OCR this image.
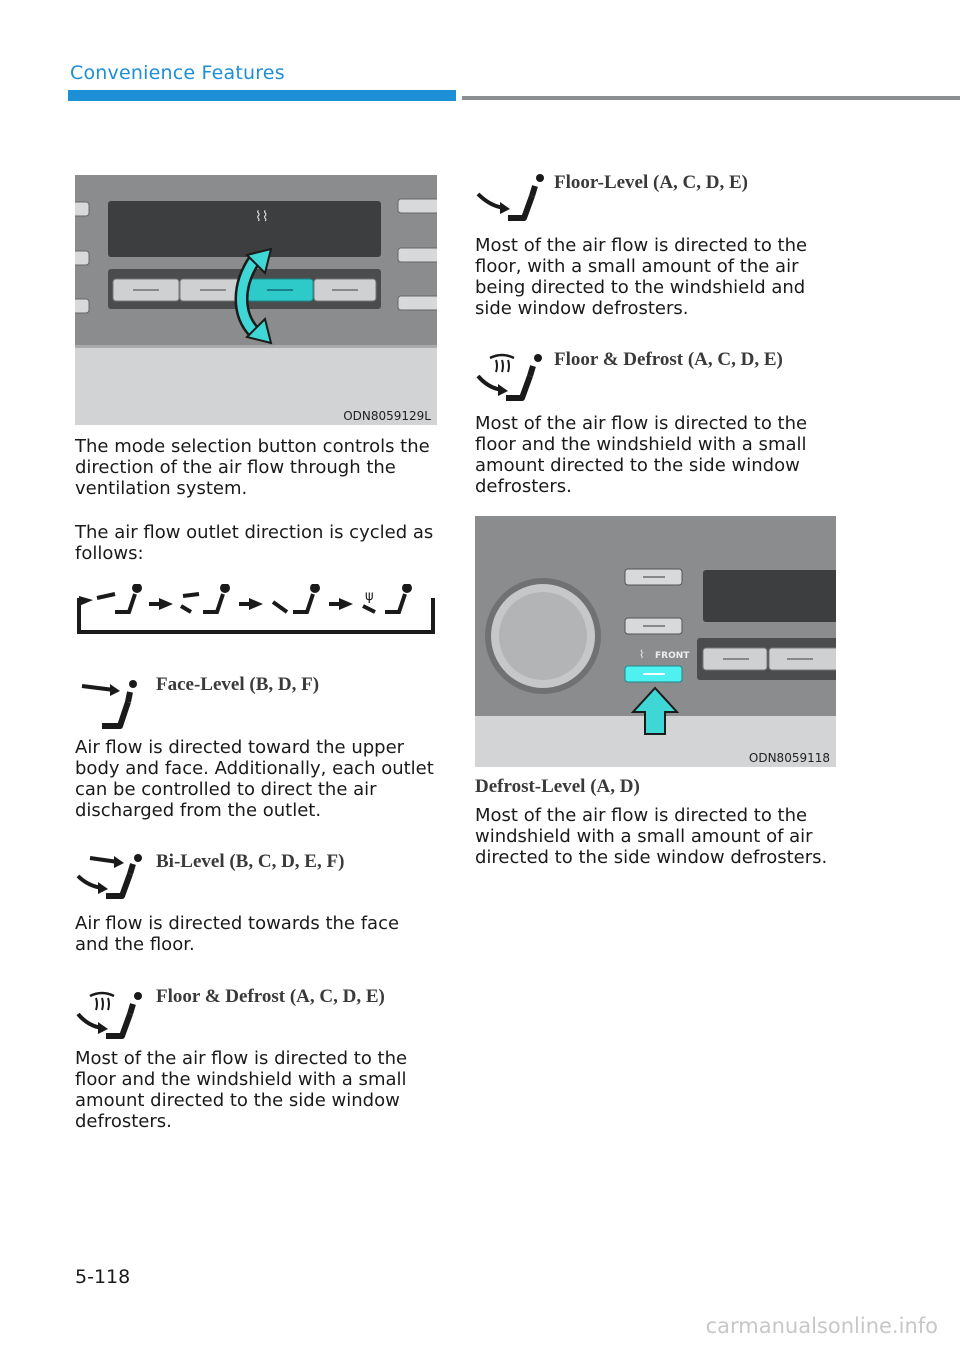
Convenience Features
⌇⌇
ODN8059129L

The mode selection button controls the direction of the air flow through the ventilation system.

The air flow outlet direction is cycled as follows:

ψ
Face-Level (B, D, F)

Air flow is directed toward the upper body and face. Additionally, each outlet can be controlled to direct the air discharged from the outlet.

Bi-Level (B, C, D, E, F)

Air flow is directed towards the face and the floor.

Floor & Defrost (A, C, D, E)

Most of the air flow is directed to the floor and the windshield with a small amount directed to the side window defrosters.

Floor-Level (A, C, D, E)

Most of the air flow is directed to the floor, with a small amount of the air being directed to the windshield and side window defrosters.

Floor & Defrost (A, C, D, E)

Most of the air flow is directed to the floor and the windshield with a small amount directed to the side window defrosters.

FRONT
⌇
ODN8059118
Defrost-Level (A, D)

Most of the air flow is directed to the windshield with a small amount of air directed to the side window defrosters.

5-118
carmanualsonline.info
